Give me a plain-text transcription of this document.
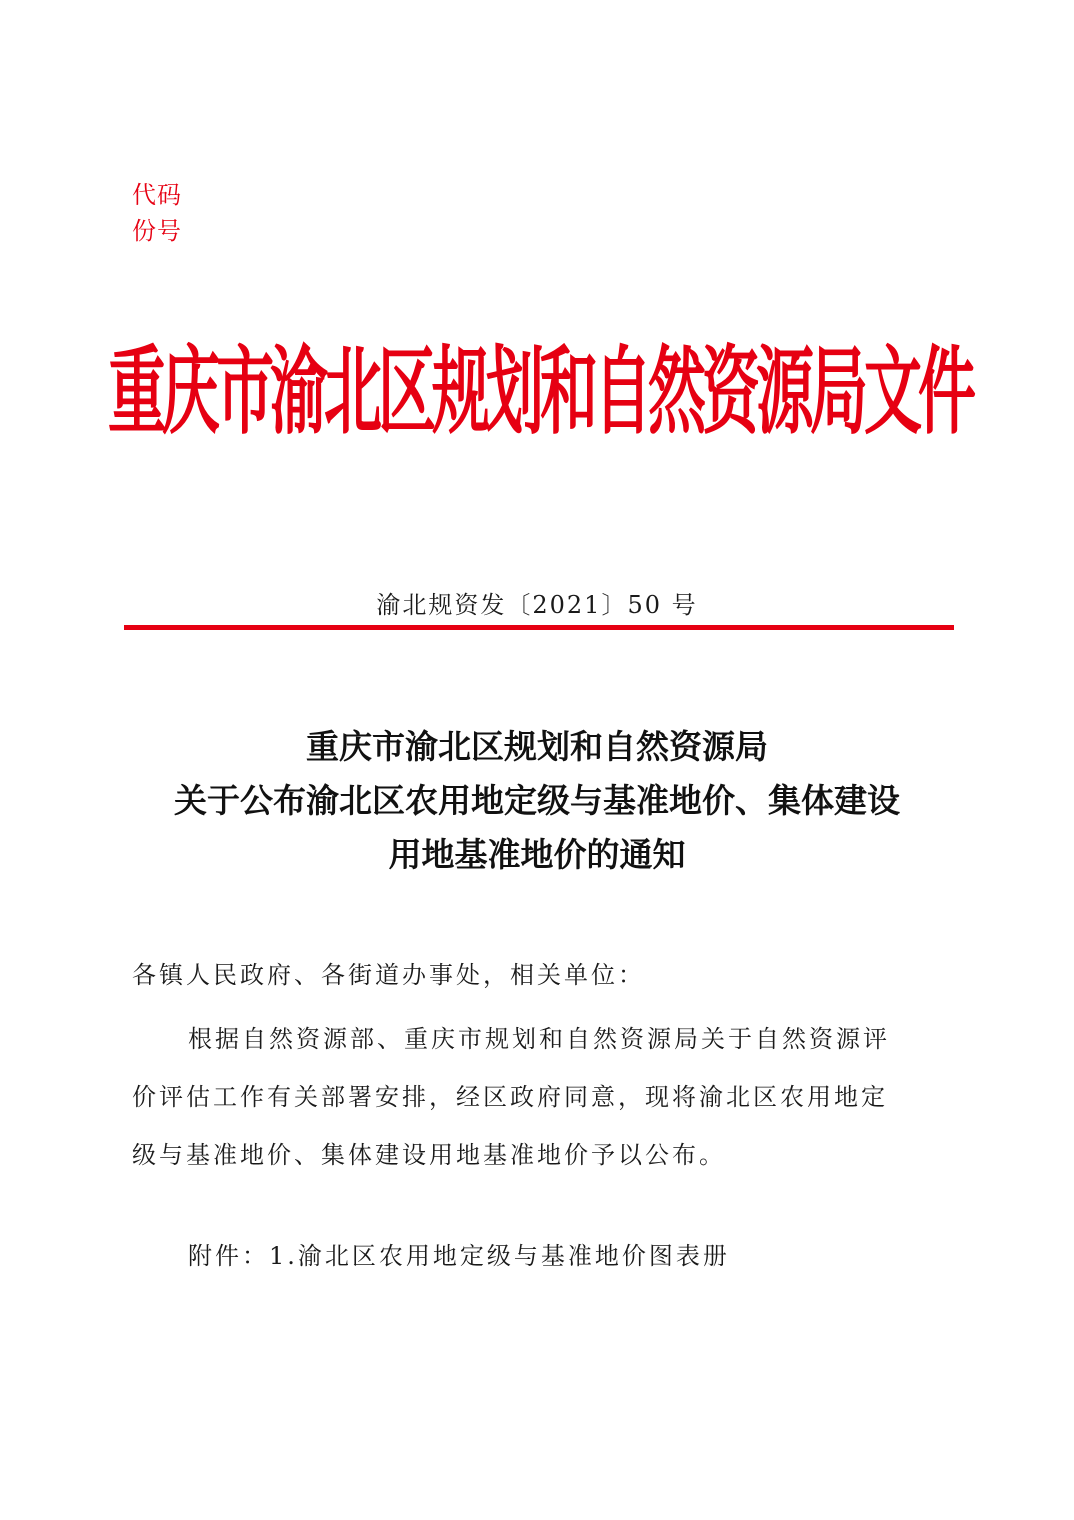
代码
份号
重庆市渝北区规划和自然资源局文件
渝北规资发〔2021〕50 号
重庆市渝北区规划和自然资源局
关于公布渝北区农用地定级与基准地价、集体建设
用地基准地价的通知
各镇人民政府、各街道办事处，相关单位：
根据自然资源部、重庆市规划和自然资源局关于自然资源评
价评估工作有关部署安排，经区政府同意，现将渝北区农用地定
级与基准地价、集体建设用地基准地价予以公布。
附件：1.渝北区农用地定级与基准地价图表册
